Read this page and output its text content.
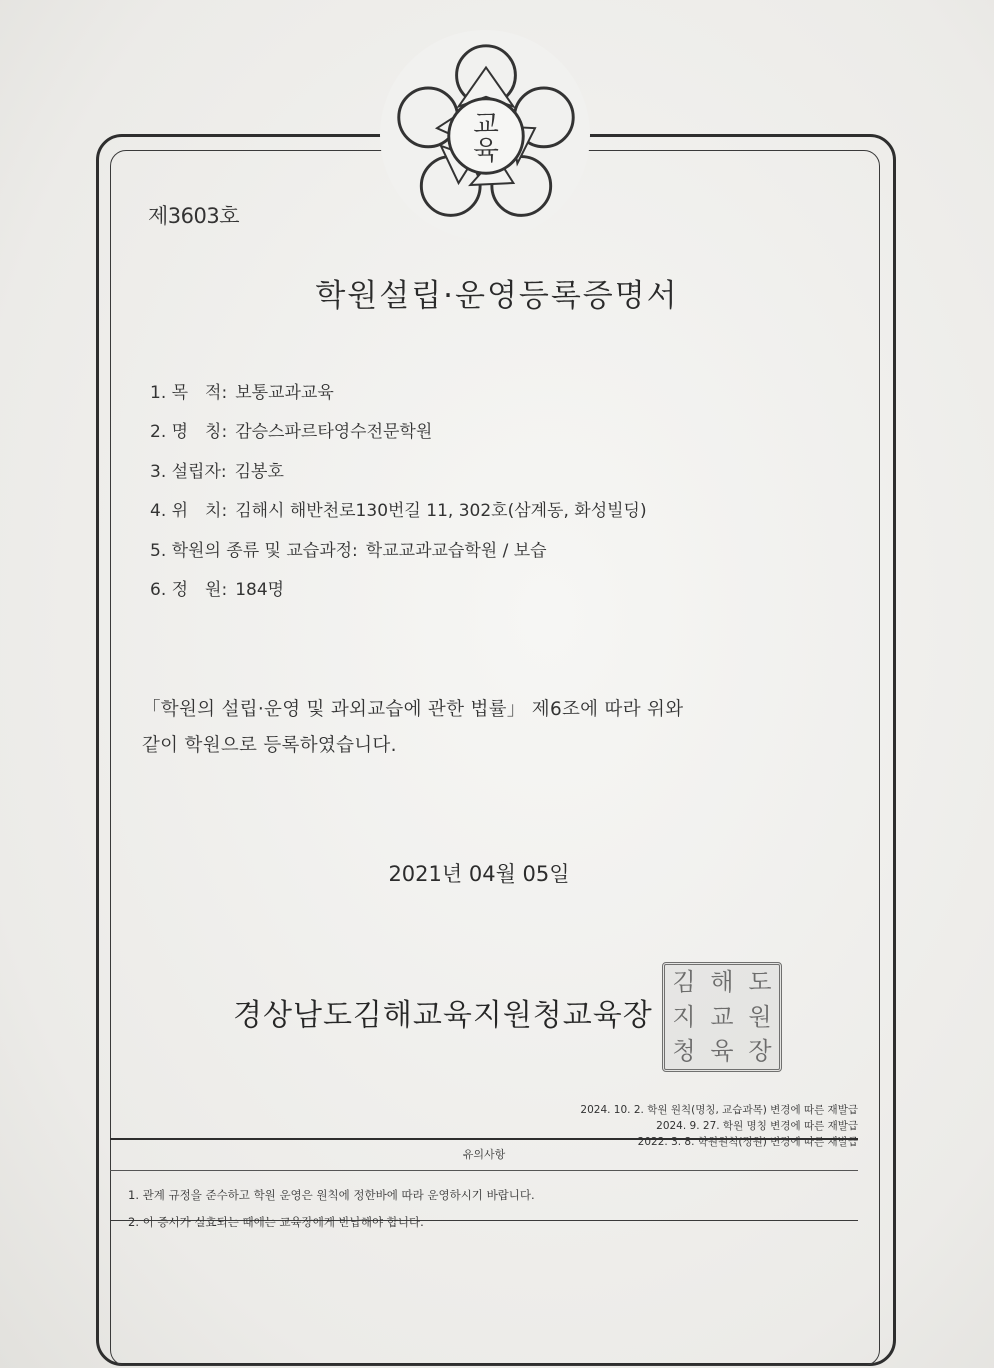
교
육
제3603호
학원설립·운영등록증명서
1. 목　적: 보통교과교육
2. 명　칭: 감승스파르타영수전문학원
3. 설립자: 김봉호
4. 위　치: 김해시 해반천로130번길 11, 302호(삼계동, 화성빌딩)
5. 학원의 종류 및 교습과정: 학교교과교습학원 / 보습
6. 정　원: 184명
「학원의 설립·운영 및 과외교습에 관한 법률」 제6조에 따라 위와
같이 학원으로 등록하였습니다.
2021년 04월 05일
경상남도김해교육지원청교육장
김 해 도
지 교 원
청 육 장
2024. 10. 2. 학원 원칙(명칭, 교습과목) 변경에 따른 재발급
2024. 9. 27. 학원 명칭 변경에 따른 재발급
2022. 3. 8. 학원원칙(정원) 변경에 따른 재발급
유의사항
1. 관계 규정을 준수하고 학원 운영은 원칙에 정한바에 따라 운영하시기 바랍니다.
2. 이 증서가 실효되는 때에는 교육장에게 반납해야 합니다.
